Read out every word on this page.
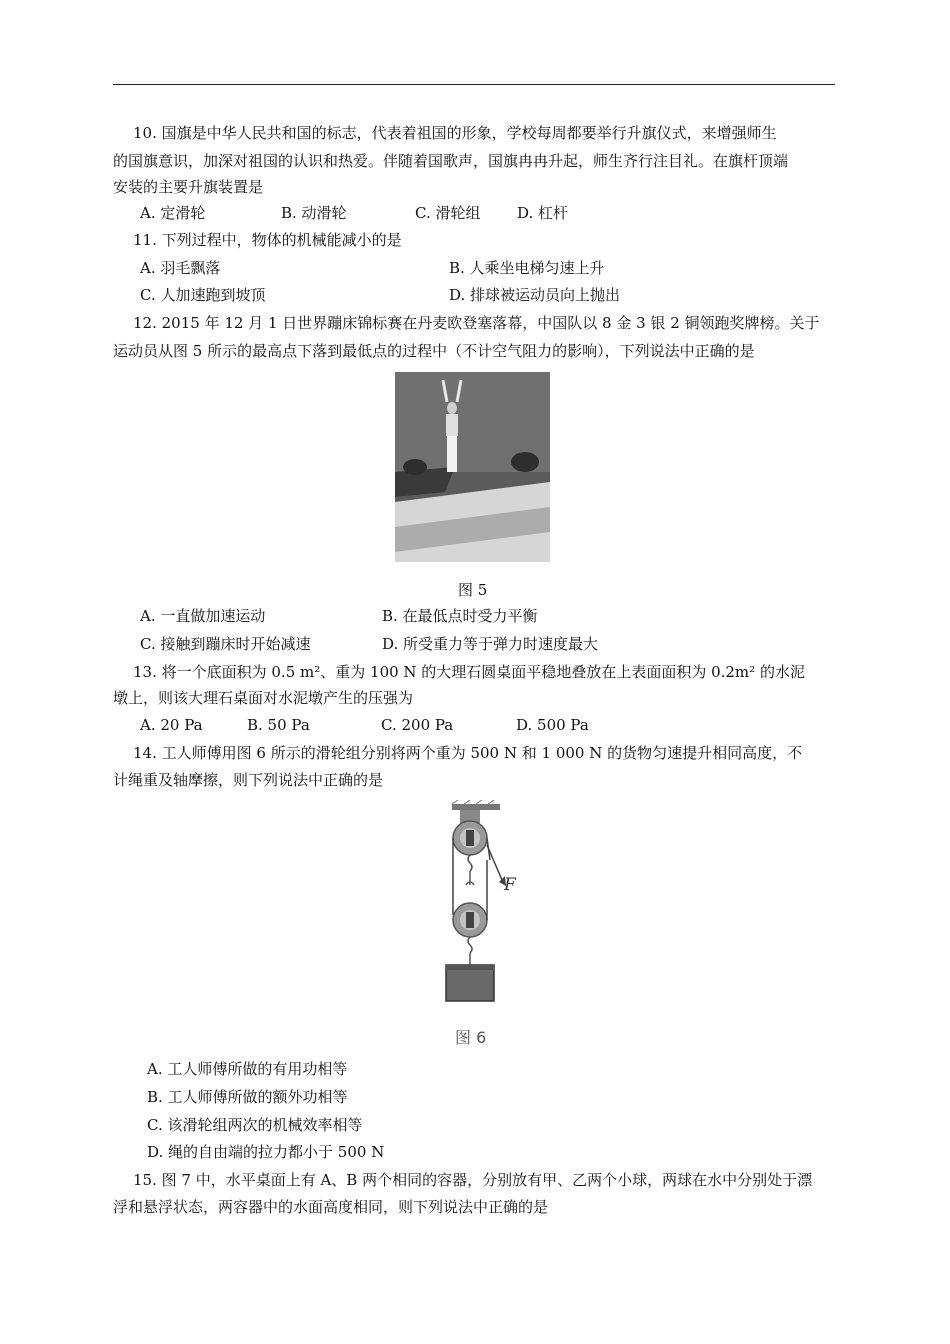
10. 国旗是中华人民共和国的标志，代表着祖国的形象，学校每周都要举行升旗仪式，来增强师生
的国旗意识，加深对祖国的认识和热爱。伴随着国歌声，国旗冉冉升起，师生齐行注目礼。在旗杆顶端
安装的主要升旗装置是
A. 定滑轮	B. 动滑轮	C. 滑轮组 D. 杠杆
11. 下列过程中，物体的机械能减小的是
A. 羽毛飘落	B. 人乘坐电梯匀速上升
C. 人加速跑到坡顶	D. 排球被运动员向上抛出
12. 2015 年 12 月 1 日世界蹦床锦标赛在丹麦欧登塞落幕，中国队以 8 金 3 银 2 铜领跑奖牌榜。关于
运动员从图 5 所示的最高点下落到最低点的过程中（不计空气阻力的影响），下列说法中正确的是
图 5
A. 一直做加速运动	B. 在最低点时受力平衡
C. 接触到蹦床时开始减速	D. 所受重力等于弹力时速度最大
13. 将一个底面积为 0.5 m²、重为 100 N 的大理石圆桌面平稳地叠放在上表面面积为 0.2m² 的水泥
墩上，则该大理石桌面对水泥墩产生的压强为
A. 20 Pa	B. 50 Pa	C. 200 Pa	D. 500 Pa
14. 工人师傅用图 6 所示的滑轮组分别将两个重为 500 N 和 1 000 N 的货物匀速提升相同高度，不
计绳重及轴摩擦，则下列说法中正确的是
F
图 6
A. 工人师傅所做的有用功相等
B. 工人师傅所做的额外功相等
C. 该滑轮组两次的机械效率相等
D. 绳的自由端的拉力都小于 500 N
15. 图 7 中，水平桌面上有 A、B 两个相同的容器，分别放有甲、乙两个小球，两球在水中分别处于漂
浮和悬浮状态，两容器中的水面高度相同，则下列说法中正确的是
